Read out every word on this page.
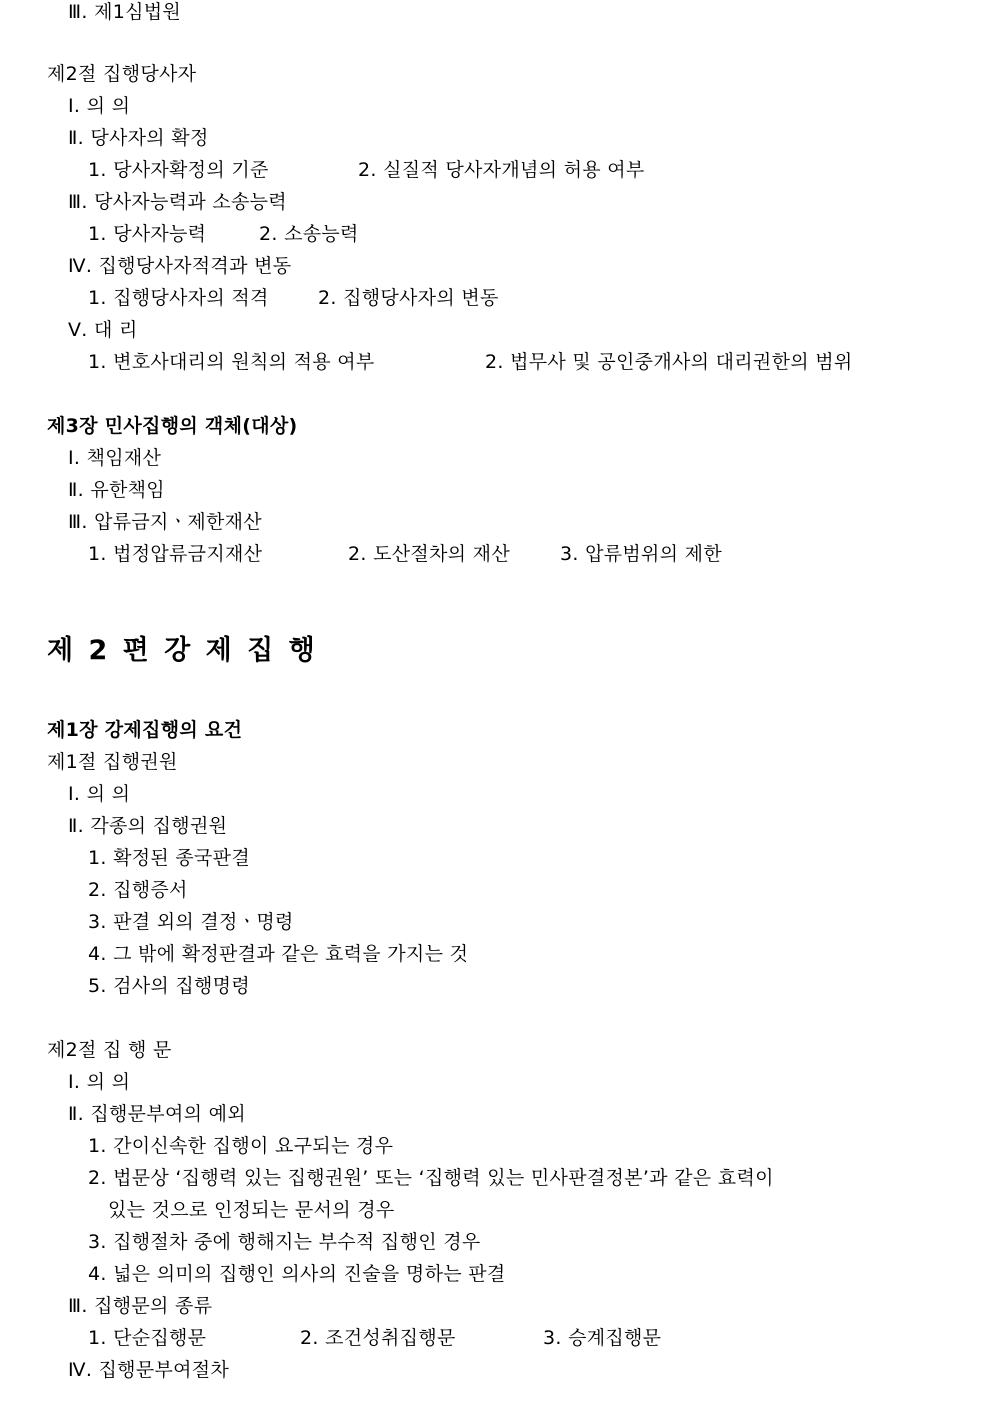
Ⅲ. 제1심법원
제2절 집행당사자
Ⅰ. 의 의
Ⅱ. 당사자의 확정
1. 당사자확정의 기준	2. 실질적 당사자개념의 허용 여부
Ⅲ. 당사자능력과 소송능력
1. 당사자능력	2. 소송능력
Ⅳ. 집행당사자적격과 변동
1. 집행당사자의 적격	2. 집행당사자의 변동
Ⅴ. 대 리
1. 변호사대리의 원칙의 적용 여부	2. 법무사 및 공인중개사의 대리권한의 범위
제3장 민사집행의 객체(대상)
Ⅰ. 책임재산
Ⅱ. 유한책임
Ⅲ. 압류금지ㆍ제한재산
1. 법정압류금지재산	2. 도산절차의 재산	3. 압류범위의 제한
제 2 편 강 제 집 행
제1장 강제집행의 요건
제1절 집행권원
Ⅰ. 의 의
Ⅱ. 각종의 집행권원
1. 확정된 종국판결
2. 집행증서
3. 판결 외의 결정ㆍ명령
4. 그 밖에 확정판결과 같은 효력을 가지는 것
5. 검사의 집행명령
제2절 집 행 문
Ⅰ. 의 의
Ⅱ. 집행문부여의 예외
1. 간이신속한 집행이 요구되는 경우
2. 법문상 ‘집행력 있는 집행권원’ 또는 ‘집행력 있는 민사판결정본’과 같은 효력이
있는 것으로 인정되는 문서의 경우
3. 집행절차 중에 행해지는 부수적 집행인 경우
4. 넓은 의미의 집행인 의사의 진술을 명하는 판결
Ⅲ. 집행문의 종류
1. 단순집행문	2. 조건성취집행문	3. 승계집행문
Ⅳ. 집행문부여절차
